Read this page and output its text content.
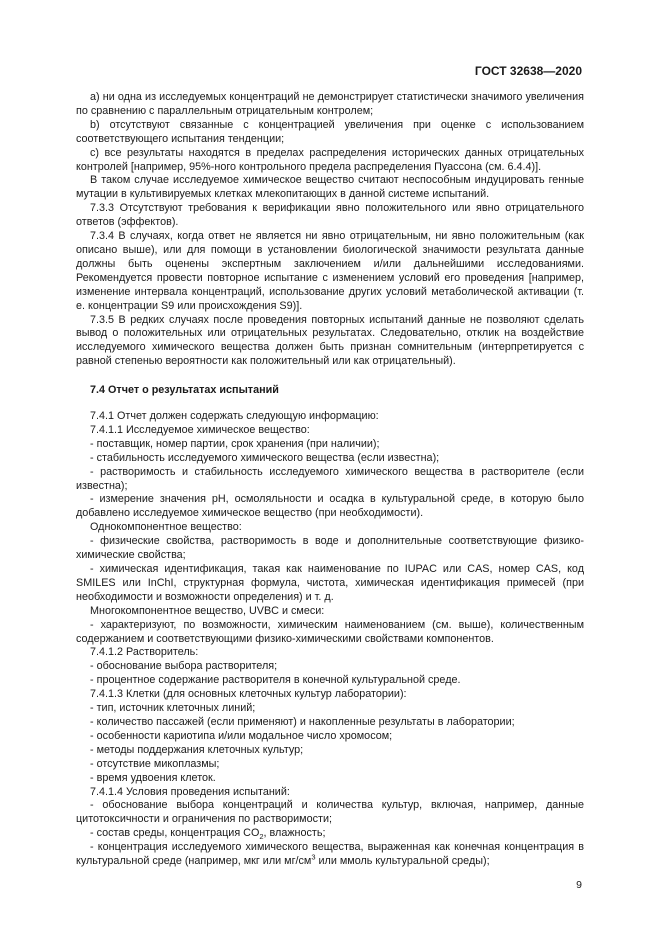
ГОСТ 32638—2020

а) ни одна из исследуемых концентраций не демонстрирует статистически значимого увеличения по сравнению с параллельным отрицательным контролем;

b) отсутствуют связанные с концентрацией увеличения при оценке с использованием соответствующего испытания тенденции;

с) все результаты находятся в пределах распределения исторических данных отрицательных контролей [например, 95%-ного контрольного предела распределения Пуассона (см. 6.4.4)].

В таком случае исследуемое химическое вещество считают неспособным индуцировать генные мутации в культивируемых клетках млекопитающих в данной системе испытаний.

7.3.3 Отсутствуют требования к верификации явно положительного или явно отрицательного ответов (эффектов).

7.3.4 В случаях, когда ответ не является ни явно отрицательным, ни явно положительным (как описано выше), или для помощи в установлении биологической значимости результата данные должны быть оценены экспертным заключением и/или дальнейшими исследованиями. Рекомендуется провести повторное испытание с изменением условий его проведения [например, изменение интервала концентраций, использование других условий метаболической активации (т. е. концентрации S9 или происхождения S9)].

7.3.5 В редких случаях после проведения повторных испытаний данные не позволяют сделать вывод о положительных или отрицательных результатах. Следовательно, отклик на воздействие исследуемого химического вещества должен быть признан сомнительным (интерпретируется с равной степенью вероятности как положительный или как отрицательный).

7.4 Отчет о результатах испытаний

7.4.1 Отчет должен содержать следующую информацию:

7.4.1.1 Исследуемое химическое вещество:

- поставщик, номер партии, срок хранения (при наличии);

- стабильность исследуемого химического вещества (если известна);

- растворимость и стабильность исследуемого химического вещества в растворителе (если известна);

- измерение значения pH, осмоляльности и осадка в культуральной среде, в которую было добавлено исследуемое химическое вещество (при необходимости).

Однокомпонентное вещество:

- физические свойства, растворимость в воде и дополнительные соответствующие физико-химические свойства;

- химическая идентификация, такая как наименование по IUPAC или CAS, номер CAS, код SMILES или InChI, структурная формула, чистота, химическая идентификация примесей (при необходимости и возможности определения) и т. д.

Многокомпонентное вещество, UVBC и смеси:

- характеризуют, по возможности, химическим наименованием (см. выше), количественным содержанием и соответствующими физико-химическими свойствами компонентов.

7.4.1.2 Растворитель:

- обоснование выбора растворителя;

- процентное содержание растворителя в конечной культуральной среде.

7.4.1.3 Клетки (для основных клеточных культур лаборатории):

- тип, источник клеточных линий;

- количество пассажей (если применяют) и накопленные результаты в лаборатории;

- особенности кариотипа и/или модальное число хромосом;

- методы поддержания клеточных культур;

- отсутствие микоплазмы;

- время удвоения клеток.

7.4.1.4 Условия проведения испытаний:

- обоснование выбора концентраций и количества культур, включая, например, данные цитотоксичности и ограничения по растворимости;

- состав среды, концентрация $CO_2$, влажность;

- концентрация исследуемого химического вещества, выраженная как конечная концентрация в культуральной среде (например, мкг или $мг/см^3$ или ммоль культуральной среды);

9
